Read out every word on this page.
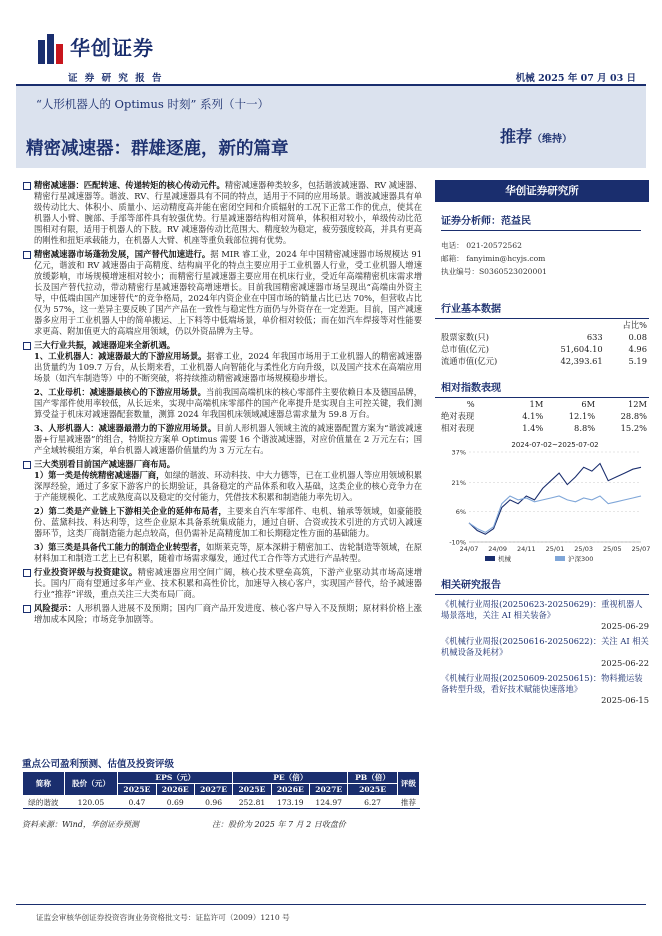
华创证券
证 券 研 究 报 告	机械 2025 年 07 月 03 日
“人形机器人的 Optimus 时刻” 系列（十一）
精密减速器：群雄逐鹿，新的篇章
推荐（维持）
精密减速器：匹配转速、传递转矩的核心传动元件。精密减速器种类较多，包括谐波减速器、RV 减速器、精密行星减速器等。谐波、RV、行星减速器具有不同的特点，适用于不同的应用场景。谐波减速器具有单级传动比大、体积小、质量小、运动精度高并能在密闭空间和介质辐射的工况下正常工作的优点，使其在机器人小臂、腕部、手部等部件具有较强优势。行星减速器结构相对简单，体积相对较小，单级传动比范围相对有限，适用于机器人的下肢。RV 减速器传动比范围大、精度较为稳定，疲劳强度较高，并具有更高的刚性和扭矩承载能力，在机器人大臂、机座等重负载部位拥有优势。
精密减速器市场蓬勃发展，国产替代加速进行。据 MIR 睿工业，2024 年中国精密减速器市场规模达 91 亿元，谐波和 RV 减速器由于高精度、结构扁平化的特点主要应用于工业机器人行业，受工业机器人增速放缓影响，市场规模增速相对较小；而精密行星减速器主要应用在机床行业，受近年高端精密机床需求增长及国产替代拉动，带动精密行星减速器较高增速增长。目前我国精密减速器市场呈现出“高端由外资主导，中低端由国产加速替代”的竞争格局，2024年内资企业在中国市场的销量占比已达 70%，但营收占比仅为 57%，这一差异主要反映了国产产品在一致性与稳定性方面仍与外资存在一定差距。目前，国产减速器多应用于工业机器人中的简单搬运、上下料等中低端场景，单价相对较低；而在如汽车焊接等对性能要求更高、附加值更大的高端应用领域，仍以外资品牌为主导。
三大行业共振，减速器迎来全新机遇。
1、工业机器人：减速器最大的下游应用场景。据睿工业，2024 年我国市场用于工业机器人的精密减速器出货量约为 109.7 万台，从长期来看，工业机器人向智能化与柔性化方向升级，以及国产技术在高端应用场景（如汽车制造等）中的不断突破，将持续推动精密减速器市场规模稳步增长。
2、工业母机：减速器最核心的下游应用场景。当前我国高端机床的核心零部件主要依赖日本及德国品牌，国产零部件使用率较低，从长远来，实现中高端机床零部件的国产化率提升是实现自主可控关键，我们测算受益于机床对减速器配套数量，测算 2024 年我国机床领域减速器总需求量为 59.8 万台。
3、人形机器人：减速器最潜力的下游应用场景。目前人形机器人领域主流的减速器配置方案为“谐波减速器+行星减速器”的组合，特斯拉方案单 Optimus 需要 16 个谐波减速器，对应价值量在 2 万元左右；国产全域转模组方案，单台机器人减速器价值量约为 3 万元左右。
三大类别看目前国产减速器厂商布局。
1）第一类是传统精密减速器厂商，如绿的谐波、环动科技、中大力德等，已在工业机器人等应用领域积累深厚经验，通过了多家下游客户的长期验证，具备稳定的产品体系和收入基础，这类企业的核心竞争力在于产能规模化、工艺成熟度高以及稳定的交付能力，凭借技术积累和制造能力率先切入。
2）第二类是产业链上下游相关企业的延伸布局者，主要来自汽车零部件、电机、轴承等领域，如豪能股份、蓝黛科技、科达利等，这些企业原本具备系统集成能力，通过自研、合资或技术引进的方式切入减速器环节，这类厂商制造能力起点较高，但仍需补足高精度加工和长期稳定性方面的基础能力。
3）第三类是具备代工能力的制造企业转型者，如斯莱克等，原本深耕于精密加工、齿轮制造等领域，在原材料加工和制造工艺上已有积累，随着市场需求爆发，通过代工合作等方式进行产品转型。
行业投资评级与投资建议。精密减速器应用空间广阔，核心技术壁垒高筑，下游产业驱动其市场高速增长。国内厂商有望通过多年产业、技术积累和高性价比，加速导入核心客户，实现国产替代，给予减速器行业“推荐”评级，重点关注三大类布局厂商。
风险提示：人形机器人进展不及预期；国内厂商产品开发进度、核心客户导入不及预期；原材料价格上涨增加成本风险；市场竞争加剧等。
华创证券研究所
证券分析师：范益民
电话： 021-20572562
邮箱： fanyimin@hcyjs.com
执业编号：S0360523020001
行业基本数据
		占比%
股票家数(只)	633	0.08
总市值(亿元)	51,604.10	4.96
流通市值(亿元)	42,393.61	5.19
相对指数表现
%	1M	6M	12M
绝对表现	4.1%	12.1%	28.8%
相对表现	1.4%	8.8%	15.2%
2024-07-02~2025-07-02
37%
21%
6%
-10%
24/07 24/09 24/11 25/01 25/03 25/05 25/07
机械	沪深300
相关研究报告
《机械行业周报(20250623-20250629)：重视机器人場景落地，关注 AI 相关装备》
2025-06-29
《机械行业周报(20250616-20250622)：关注 AI 相关机械设备及耗材》
2025-06-22
《机械行业周报(20250609-20250615)：物料搬运装备转型升级，看好技术赋能快速落地》
2025-06-15
重点公司盈利预测、估值及投资评级
简称	股价（元）	EPS（元）			PE（倍）			PB（倍）	评级
		2025E	2026E	2027E	2025E	2026E	2027E	2025E	
绿的谐波	120.05	0.47	0.69	0.96	252.81	173.19	124.97	6.27	推荐
资料来源：Wind，华创证券预测	注：股价为 2025 年 7 月 2 日收盘价
证监会审核华创证券投资咨询业务资格批文号：证监许可（2009）1210 号
